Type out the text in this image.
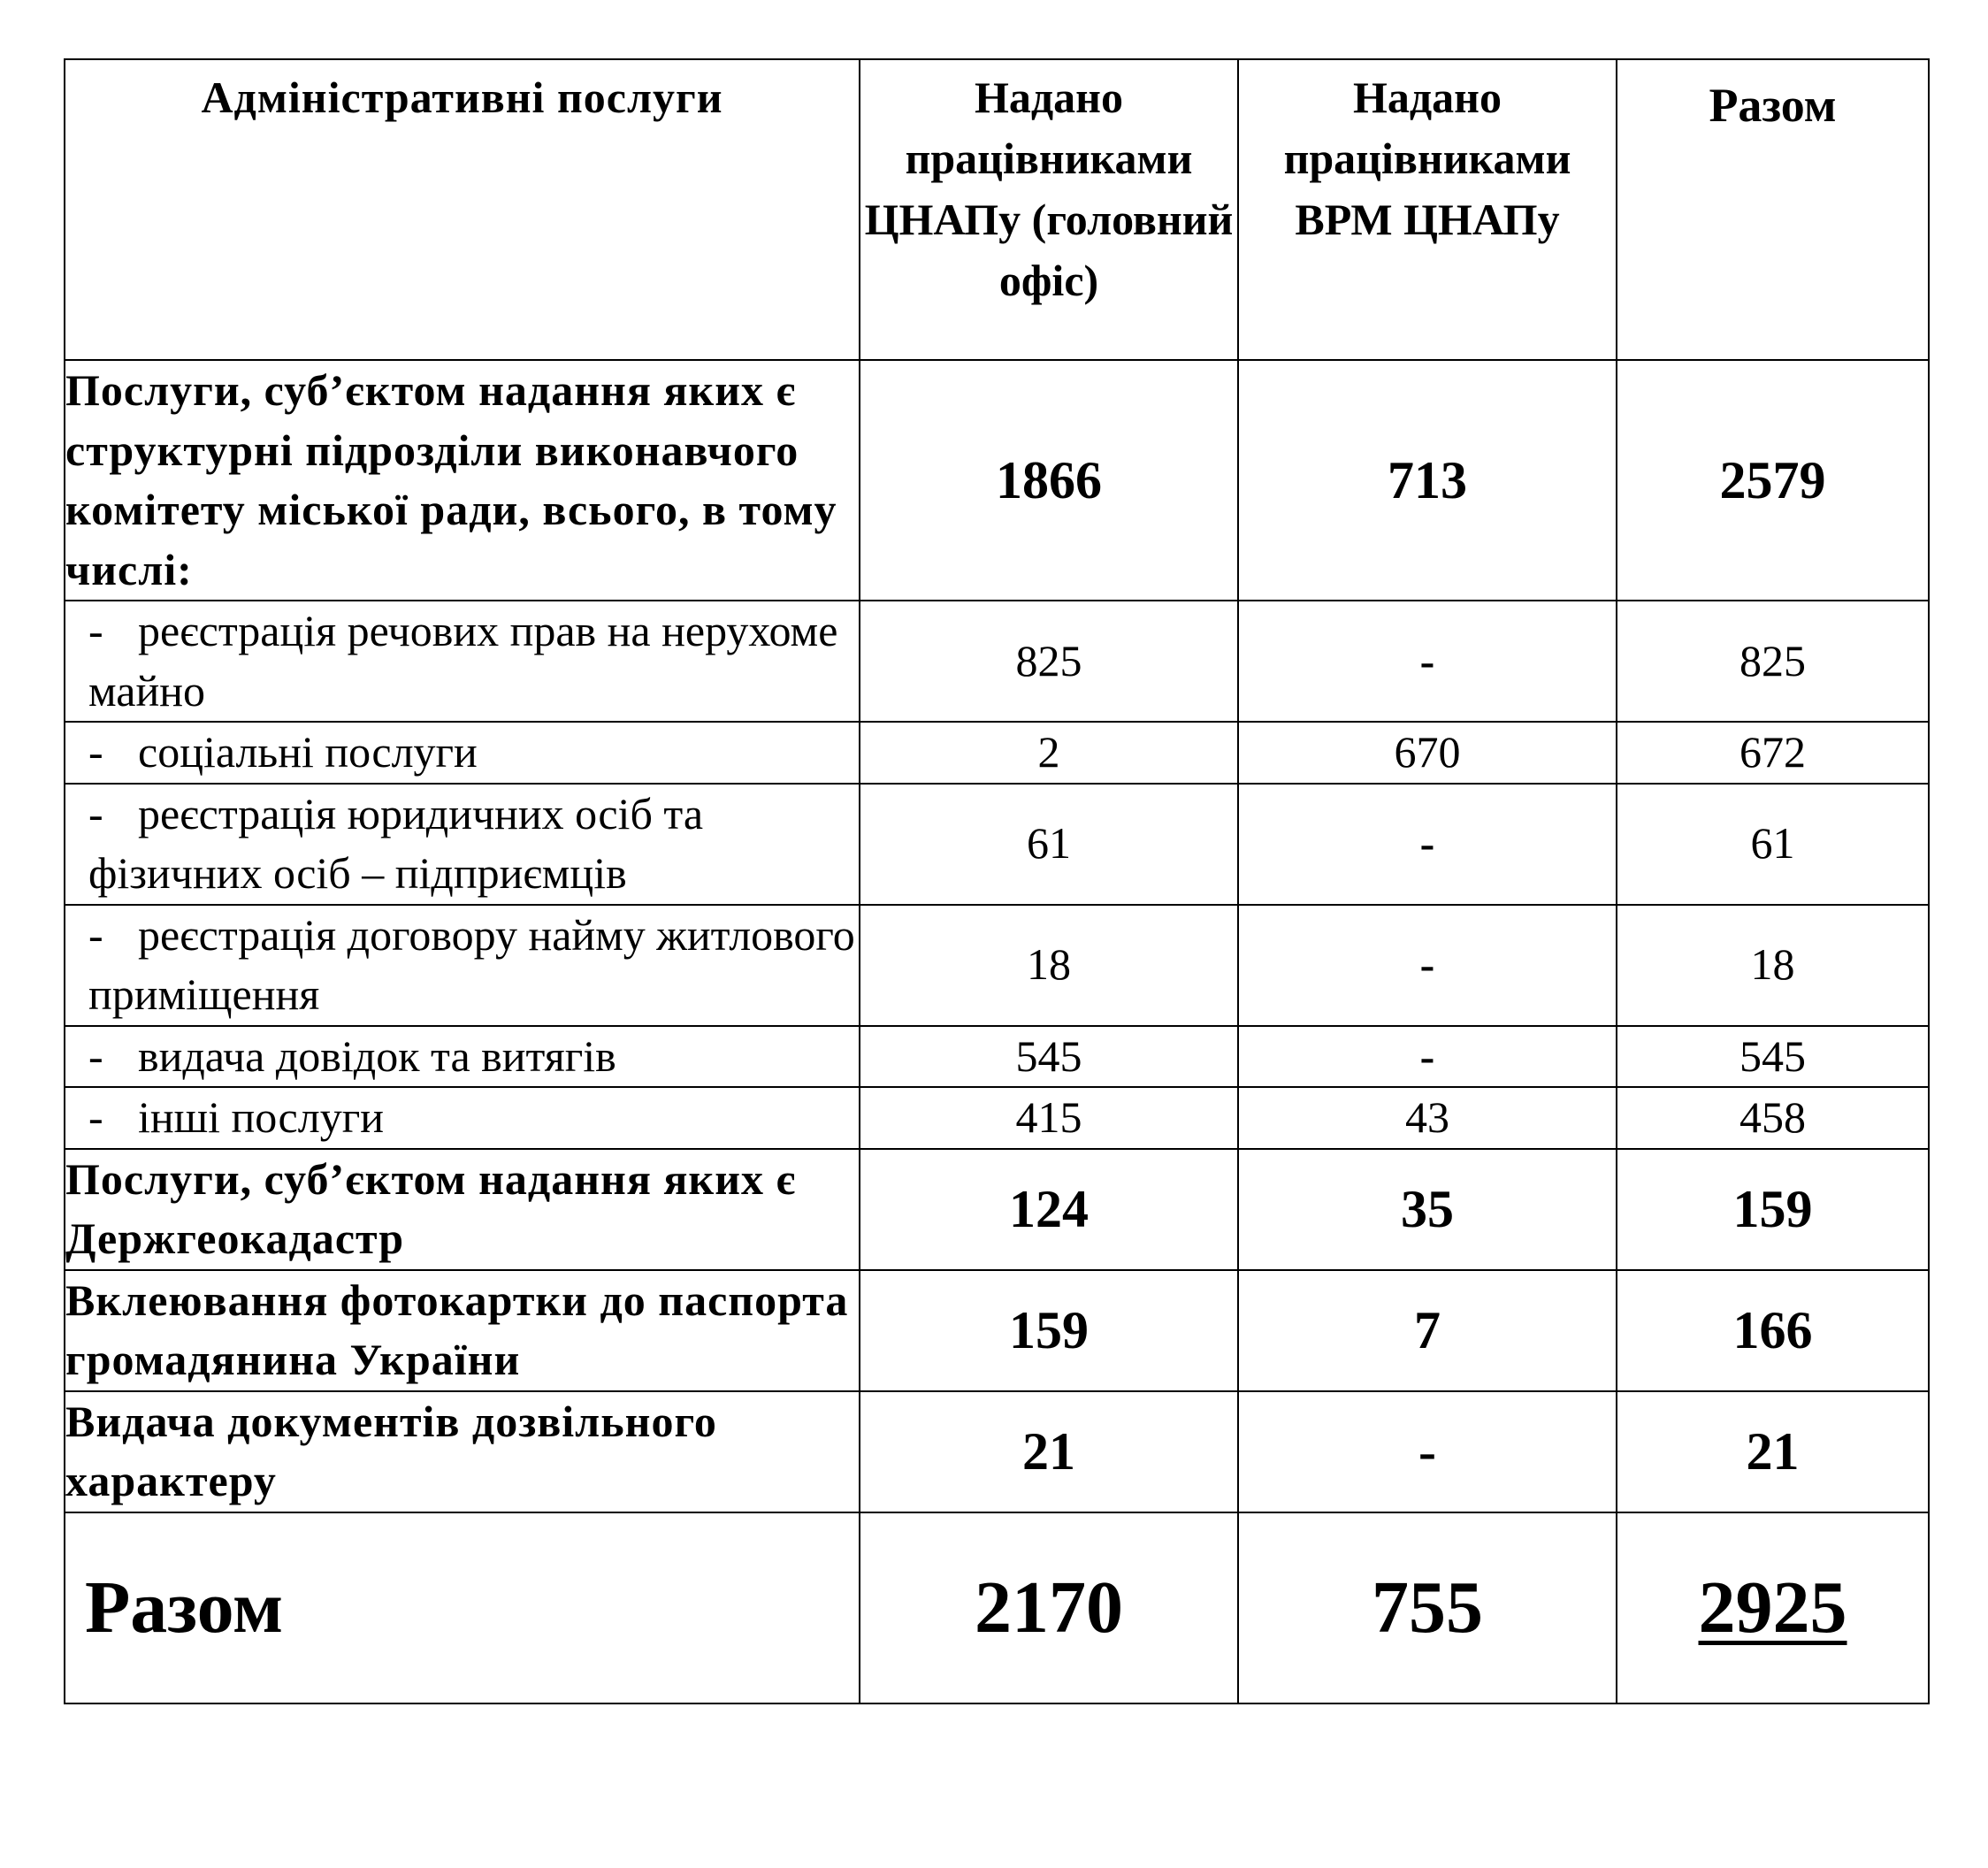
Адміністративні послуги	Надано працівниками ЦНАПу (головний офіс)	Надано працівниками ВРМ ЦНАПу	Разом
Послуги, суб’єктом надання яких є структурні підрозділи виконавчого комітету міської ради, всього, в тому числі:	1866	713	2579
- реєстрація речових прав на нерухоме майно	825	-	825
- соціальні послуги	2	670	672
- реєстрація юридичних осіб та фізичних осіб – підприємців	61	-	61
- реєстрація договору найму житлового приміщення	18	-	18
- видача довідок та витягів	545	-	545
- інші послуги	415	43	458
Послуги, суб’єктом надання яких є Держгеокадастр	124	35	159
Вклеювання фотокартки до паспорта громадянина України	159	7	166
Видача документів дозвільного характеру	21	-	21
Разом	2170	755	2925
